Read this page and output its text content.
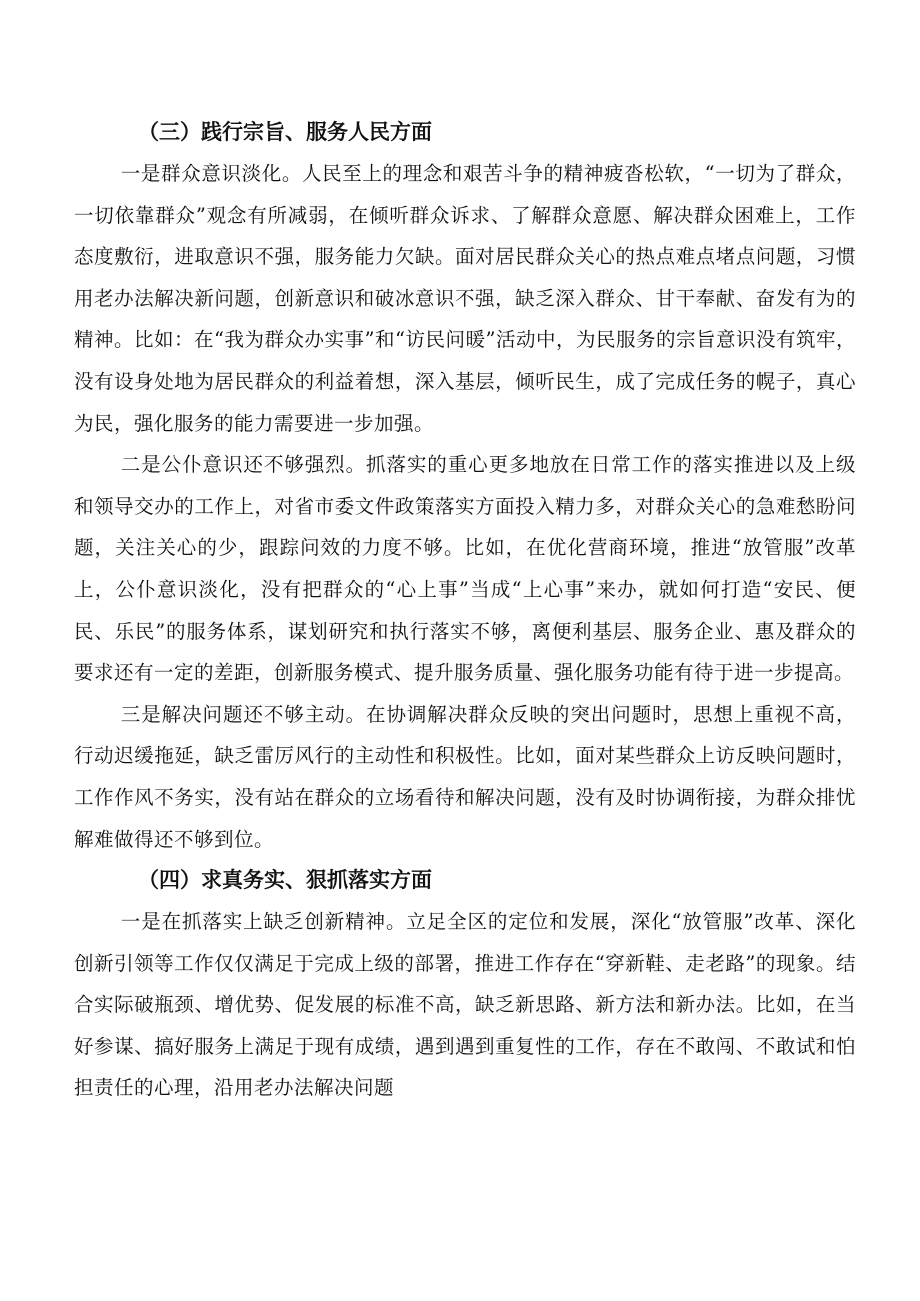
（三）践行宗旨、服务人民方面

一是群众意识淡化。人民至上的理念和艰苦斗争的精神疲沓松软，“一切为了群众，一切依靠群众”观念有所减弱，在倾听群众诉求、了解群众意愿、解决群众困难上，工作态度敷衍，进取意识不强，服务能力欠缺。面对居民群众关心的热点难点堵点问题，习惯用老办法解决新问题，创新意识和破冰意识不强，缺乏深入群众、甘干奉献、奋发有为的精神。比如：在“我为群众办实事”和“访民问暖”活动中，为民服务的宗旨意识没有筑牢，没有设身处地为居民群众的利益着想，深入基层，倾听民生，成了完成任务的幌子，真心为民，强化服务的能力需要进一步加强。

二是公仆意识还不够强烈。抓落实的重心更多地放在日常工作的落实推进以及上级和领导交办的工作上，对省市委文件政策落实方面投入精力多，对群众关心的急难愁盼问题，关注关心的少，跟踪问效的力度不够。比如，在优化营商环境，推进“放管服”改革上，公仆意识淡化，没有把群众的“心上事”当成“上心事”来办，就如何打造“安民、便民、乐民”的服务体系，谋划研究和执行落实不够，离便利基层、服务企业、惠及群众的要求还有一定的差距，创新服务模式、提升服务质量、强化服务功能有待于进一步提高。

三是解决问题还不够主动。在协调解决群众反映的突出问题时，思想上重视不高，行动迟缓拖延，缺乏雷厉风行的主动性和积极性。比如，面对某些群众上访反映问题时，工作作风不务实，没有站在群众的立场看待和解决问题，没有及时协调衔接，为群众排忧解难做得还不够到位。

（四）求真务实、狠抓落实方面

一是在抓落实上缺乏创新精神。立足全区的定位和发展，深化“放管服”改革、深化创新引领等工作仅仅满足于完成上级的部署，推进工作存在“穿新鞋、走老路”的现象。结合实际破瓶颈、增优势、促发展的标准不高，缺乏新思路、新方法和新办法。比如，在当好参谋、搞好服务上满足于现有成绩，遇到遇到重复性的工作，存在不敢闯、不敢试和怕担责任的心理，沿用老办法解决问题
